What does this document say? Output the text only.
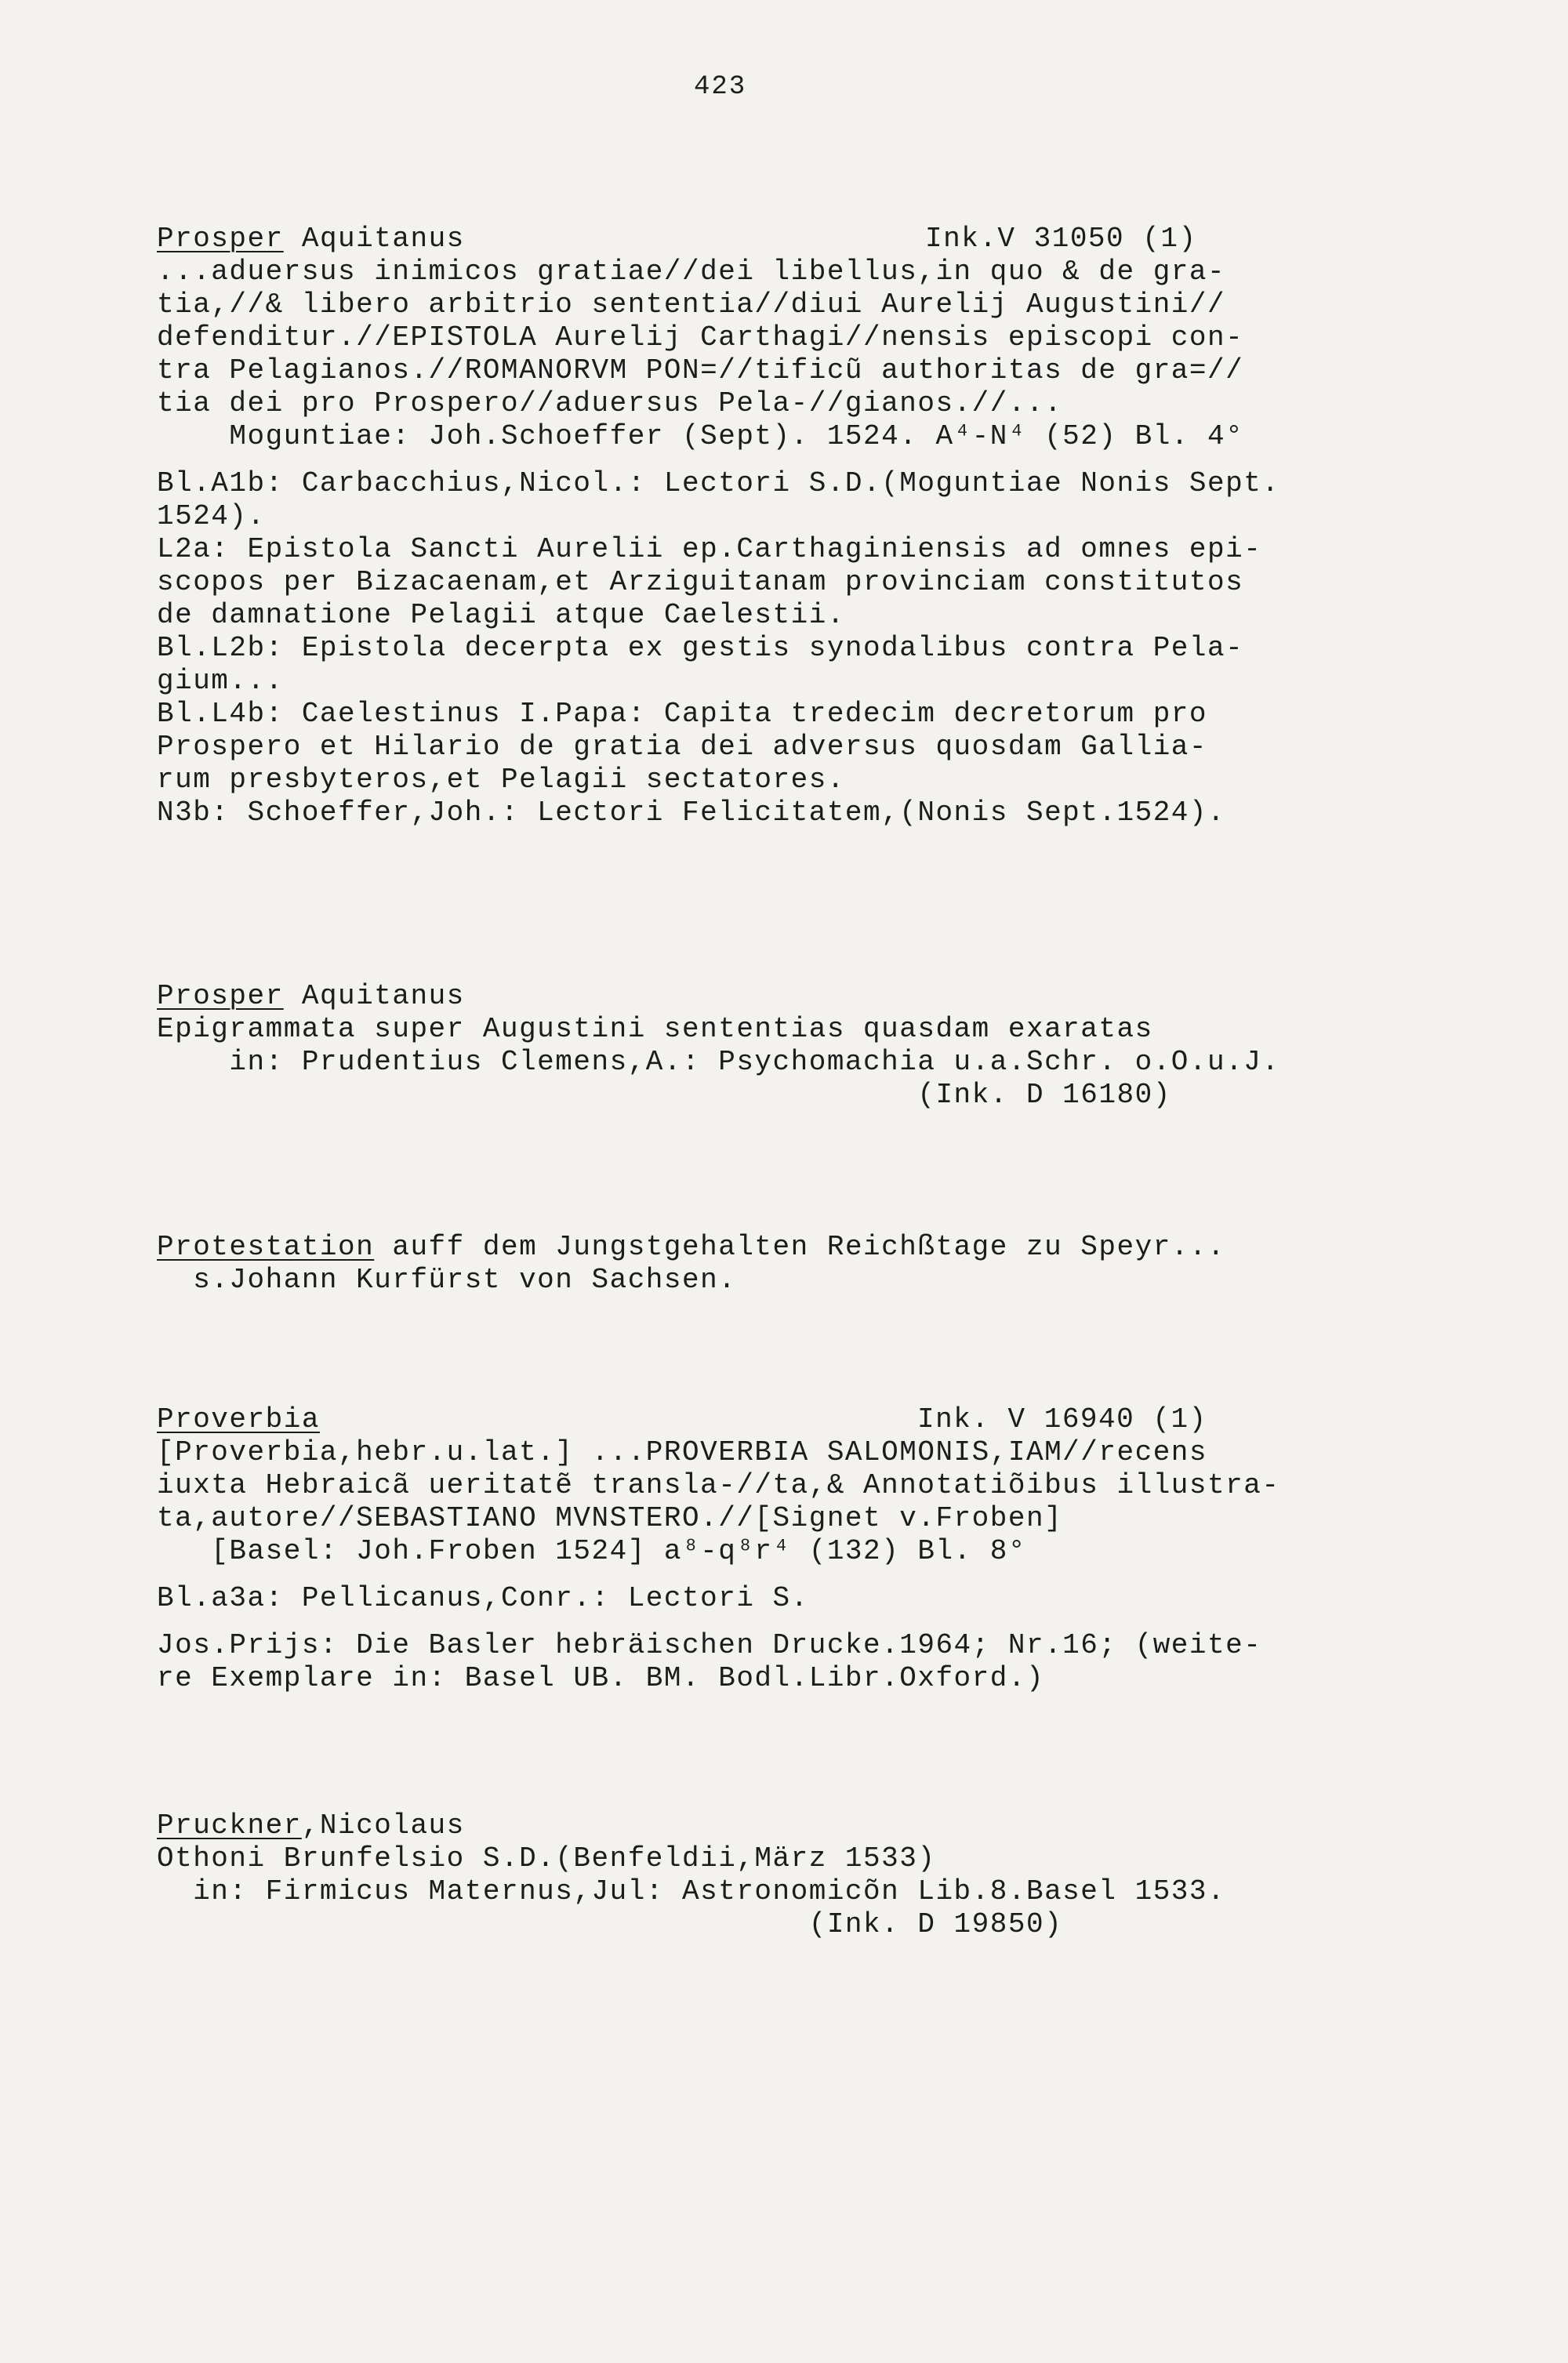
423
Prosper Aquitanus	Ink.V 31050 (1)
...aduersus inimicos gratiae//dei libellus,in quo & de gra-
tia,//& libero arbitrio sententia//diui Aurelij Augustini//
defenditur.//EPISTOLA Aurelij Carthagi//nensis episcopi con-
tra Pelagianos.//ROMANORVM PON=//tificũ authoritas de gra=//
tia dei pro Prospero//aduersus Pela-//gianos.//...
Moguntiae: Joh.Schoeffer (Sept). 1524. A⁴-N⁴ (52) Bl. 4°
Bl.A1b: Carbacchius,Nicol.: Lectori S.D.(Moguntiae Nonis Sept.
1524).
L2a: Epistola Sancti Aurelii ep.Carthaginiensis ad omnes epi-
scopos per Bizacaenam,et Arziguitanam provinciam constitutos
de damnatione Pelagii atque Caelestii.
Bl.L2b: Epistola decerpta ex gestis synodalibus contra Pela-
gium...
Bl.L4b: Caelestinus I.Papa: Capita tredecim decretorum pro
Prospero et Hilario de gratia dei adversus quosdam Gallia-
rum presbyteros,et Pelagii sectatores.
N3b: Schoeffer,Joh.: Lectori Felicitatem,(Nonis Sept.1524).
Prosper Aquitanus
Epigrammata super Augustini sententias quasdam exaratas
in: Prudentius Clemens,A.: Psychomachia u.a.Schr. o.O.u.J.
(Ink. D 16180)
Protestation auff dem Jungstgehalten Reichßtage zu Speyr...
s.Johann Kurfürst von Sachsen.
Proverbia	Ink. V 16940 (1)
[Proverbia,hebr.u.lat.] ...PROVERBIA SALOMONIS,IAM//recens
iuxta Hebraicã ueritatẽ transla-//ta,& Annotatiõibus illustra-
ta,autore//SEBASTIANO MVNSTERO.//[Signet v.Froben]
[Basel: Joh.Froben 1524] a⁸-q⁸r⁴ (132) Bl. 8°
Bl.a3a: Pellicanus,Conr.: Lectori S.
Jos.Prijs: Die Basler hebräischen Drucke.1964; Nr.16; (weite-
re Exemplare in: Basel UB. BM. Bodl.Libr.Oxford.)
Pruckner,Nicolaus
Othoni Brunfelsio S.D.(Benfeldii,März 1533)
in: Firmicus Maternus,Jul: Astronomicõn Lib.8.Basel 1533.
(Ink. D 19850)
